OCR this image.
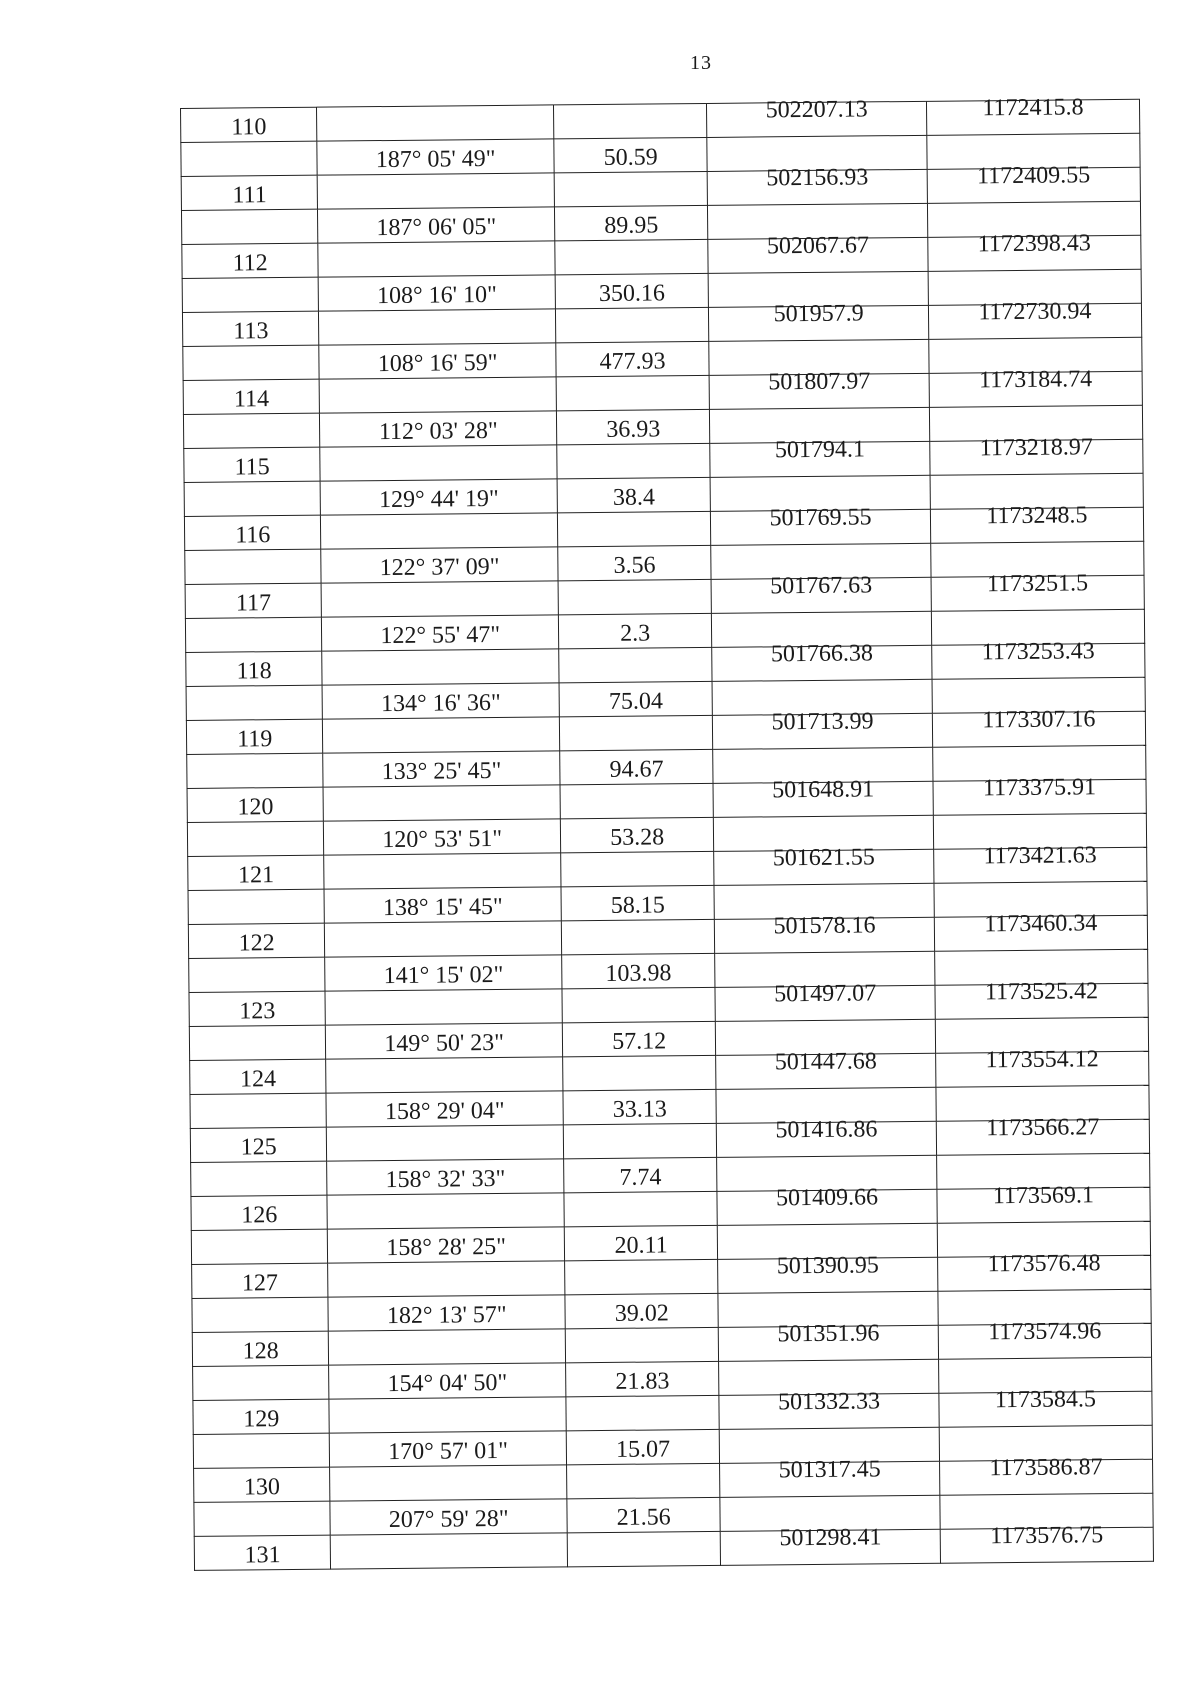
13
110			502207.13	1172415.8
	187° 05' 49"	50.59		
111			502156.93	1172409.55
	187° 06' 05"	89.95		
112			502067.67	1172398.43
	108° 16' 10"	350.16		
113			501957.9	1172730.94
	108° 16' 59"	477.93		
114			501807.97	1173184.74
	112° 03' 28"	36.93		
115			501794.1	1173218.97
	129° 44' 19"	38.4		
116			501769.55	1173248.5
	122° 37' 09"	3.56		
117			501767.63	1173251.5
	122° 55' 47"	2.3		
118			501766.38	1173253.43
	134° 16' 36"	75.04		
119			501713.99	1173307.16
	133° 25' 45"	94.67		
120			501648.91	1173375.91
	120° 53' 51"	53.28		
121			501621.55	1173421.63
	138° 15' 45"	58.15		
122			501578.16	1173460.34
	141° 15' 02"	103.98		
123			501497.07	1173525.42
	149° 50' 23"	57.12		
124			501447.68	1173554.12
	158° 29' 04"	33.13		
125			501416.86	1173566.27
	158° 32' 33"	7.74		
126			501409.66	1173569.1
	158° 28' 25"	20.11		
127			501390.95	1173576.48
	182° 13' 57"	39.02		
128			501351.96	1173574.96
	154° 04' 50"	21.83		
129			501332.33	1173584.5
	170° 57' 01"	15.07		
130			501317.45	1173586.87
	207° 59' 28"	21.56		
131			501298.41	1173576.75
